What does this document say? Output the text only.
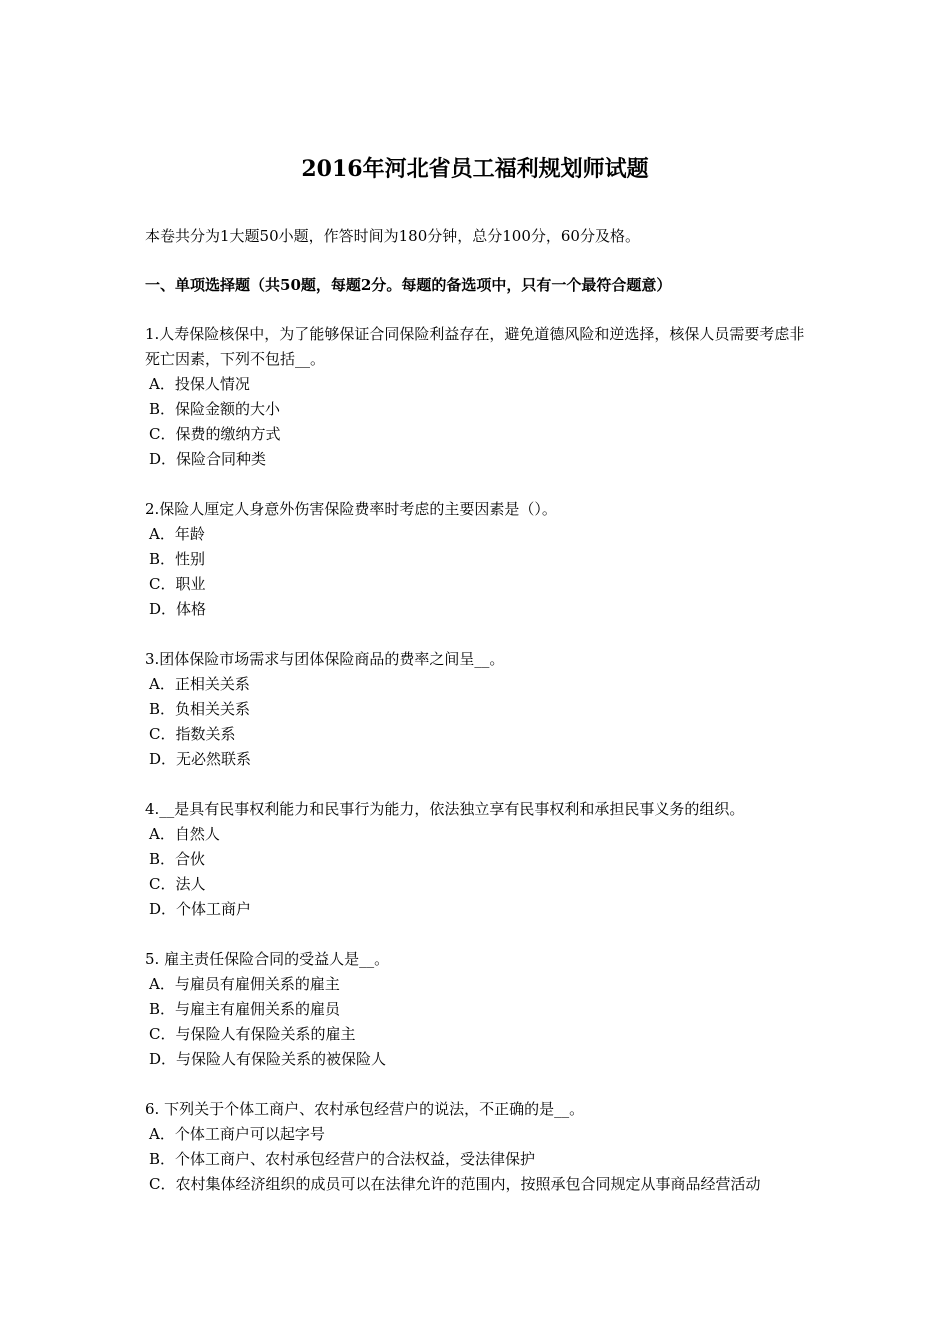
2016年河北省员工福利规划师试题
本卷共分为1大题50小题，作答时间为180分钟，总分100分，60分及格。
一、单项选择题（共50题，每题2分。每题的备选项中，只有一个最符合题意）
1.人寿保险核保中，为了能够保证合同保险利益存在，避免道德风险和逆选择，核保人员需要考虑非死亡因素，下列不包括__。
A．投保人情况
B．保险金额的大小
C．保费的缴纳方式
D．保险合同种类
2.保险人厘定人身意外伤害保险费率时考虑的主要因素是（）。
A．年龄
B．性别
C．职业
D．体格
3.团体保险市场需求与团体保险商品的费率之间呈__。
A．正相关关系
B．负相关关系
C．指数关系
D．无必然联系
4.__是具有民事权利能力和民事行为能力，依法独立享有民事权利和承担民事义务的组织。
A．自然人
B．合伙
C．法人
D．个体工商户
5. 雇主责任保险合同的受益人是__。
A．与雇员有雇佣关系的雇主
B．与雇主有雇佣关系的雇员
C．与保险人有保险关系的雇主
D．与保险人有保险关系的被保险人
6. 下列关于个体工商户、农村承包经营户的说法，不正确的是__。
A．个体工商户可以起字号
B．个体工商户、农村承包经营户的合法权益，受法律保护
C．农村集体经济组织的成员可以在法律允许的范围内，按照承包合同规定从事商品经营活动
